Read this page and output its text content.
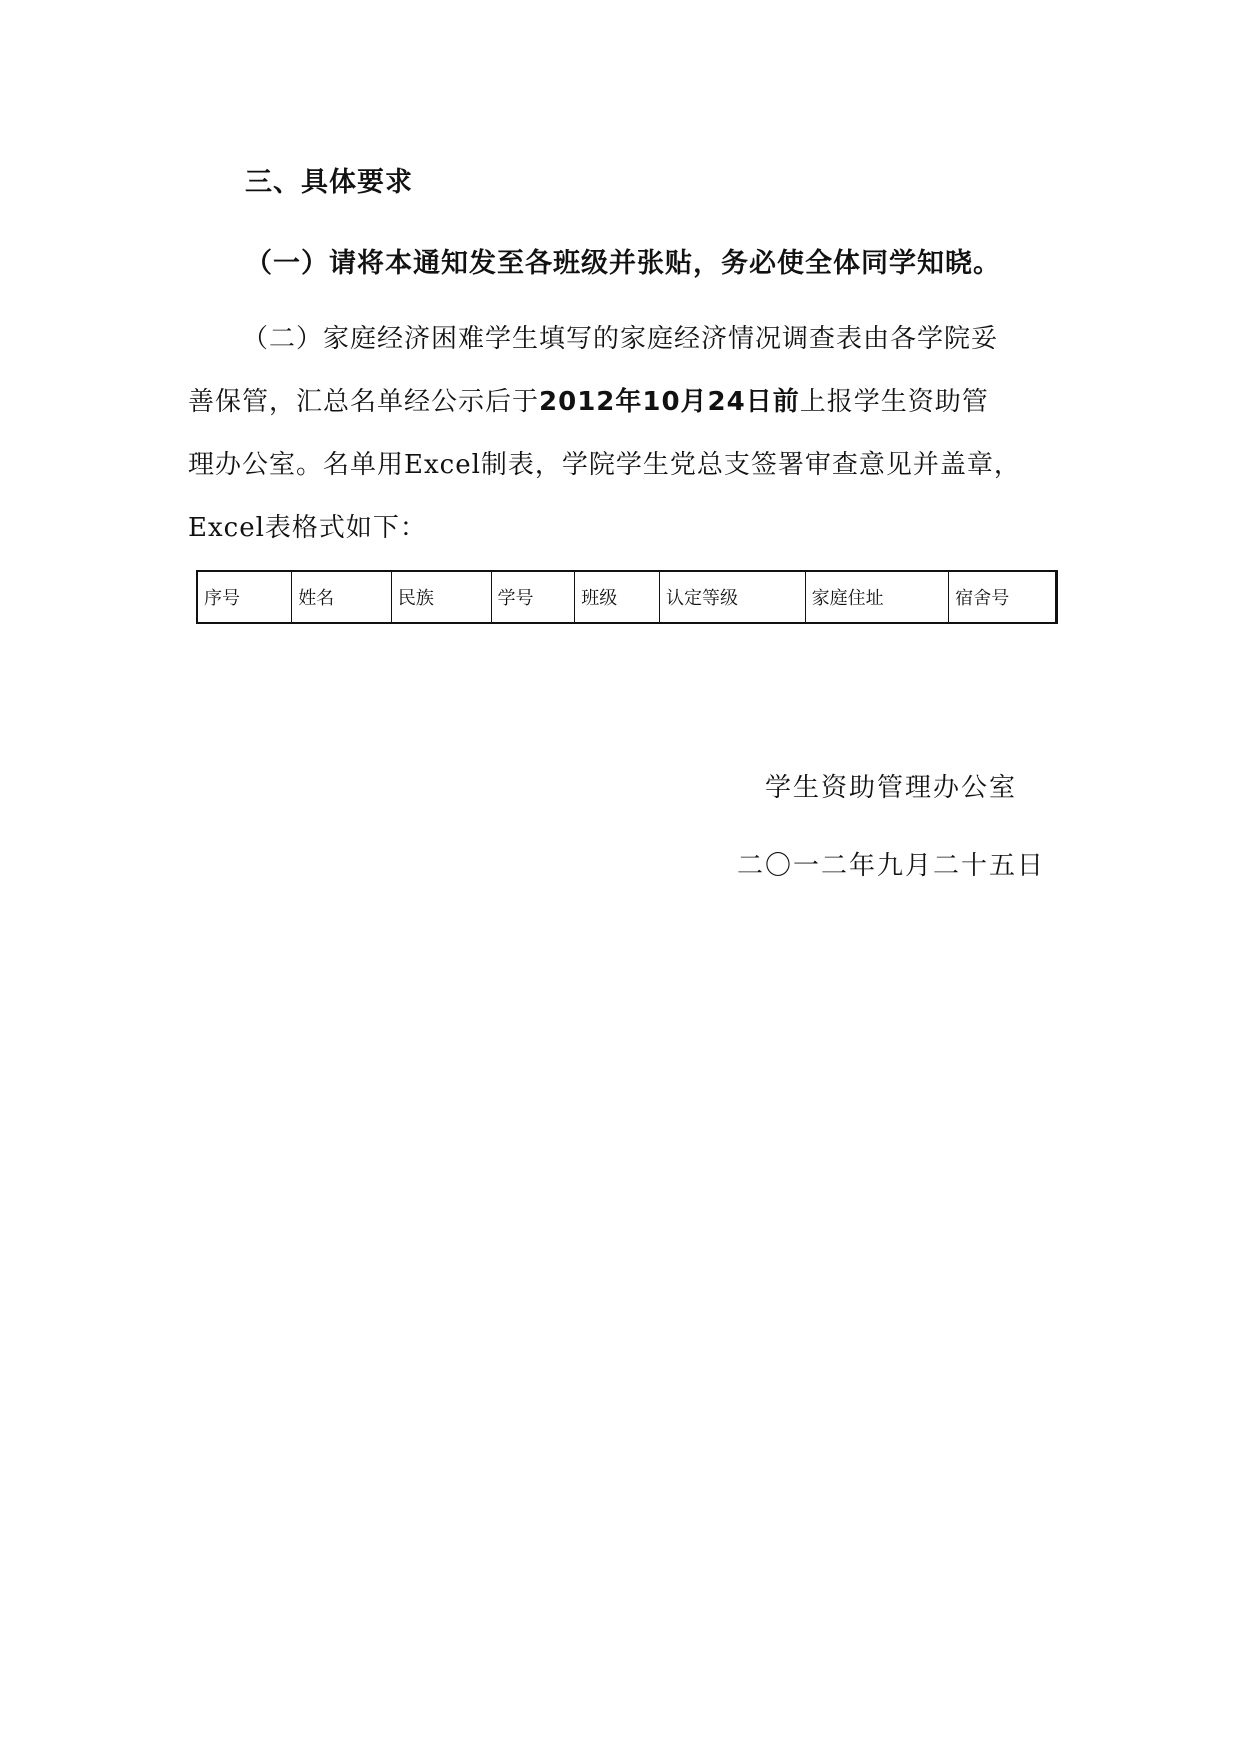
三、具体要求
（一）请将本通知发至各班级并张贴，务必使全体同学知晓。
（二）家庭经济困难学生填写的家庭经济情况调查表由各学院妥
善保管，汇总名单经公示后于2012年10月24日前上报学生资助管
理办公室。名单用Excel制表，学院学生党总支签署审查意见并盖章，
Excel表格式如下：
序号	姓名	民族	学号	班级	认定等级	家庭住址	宿舍号
学生资助管理办公室
二〇一二年九月二十五日
